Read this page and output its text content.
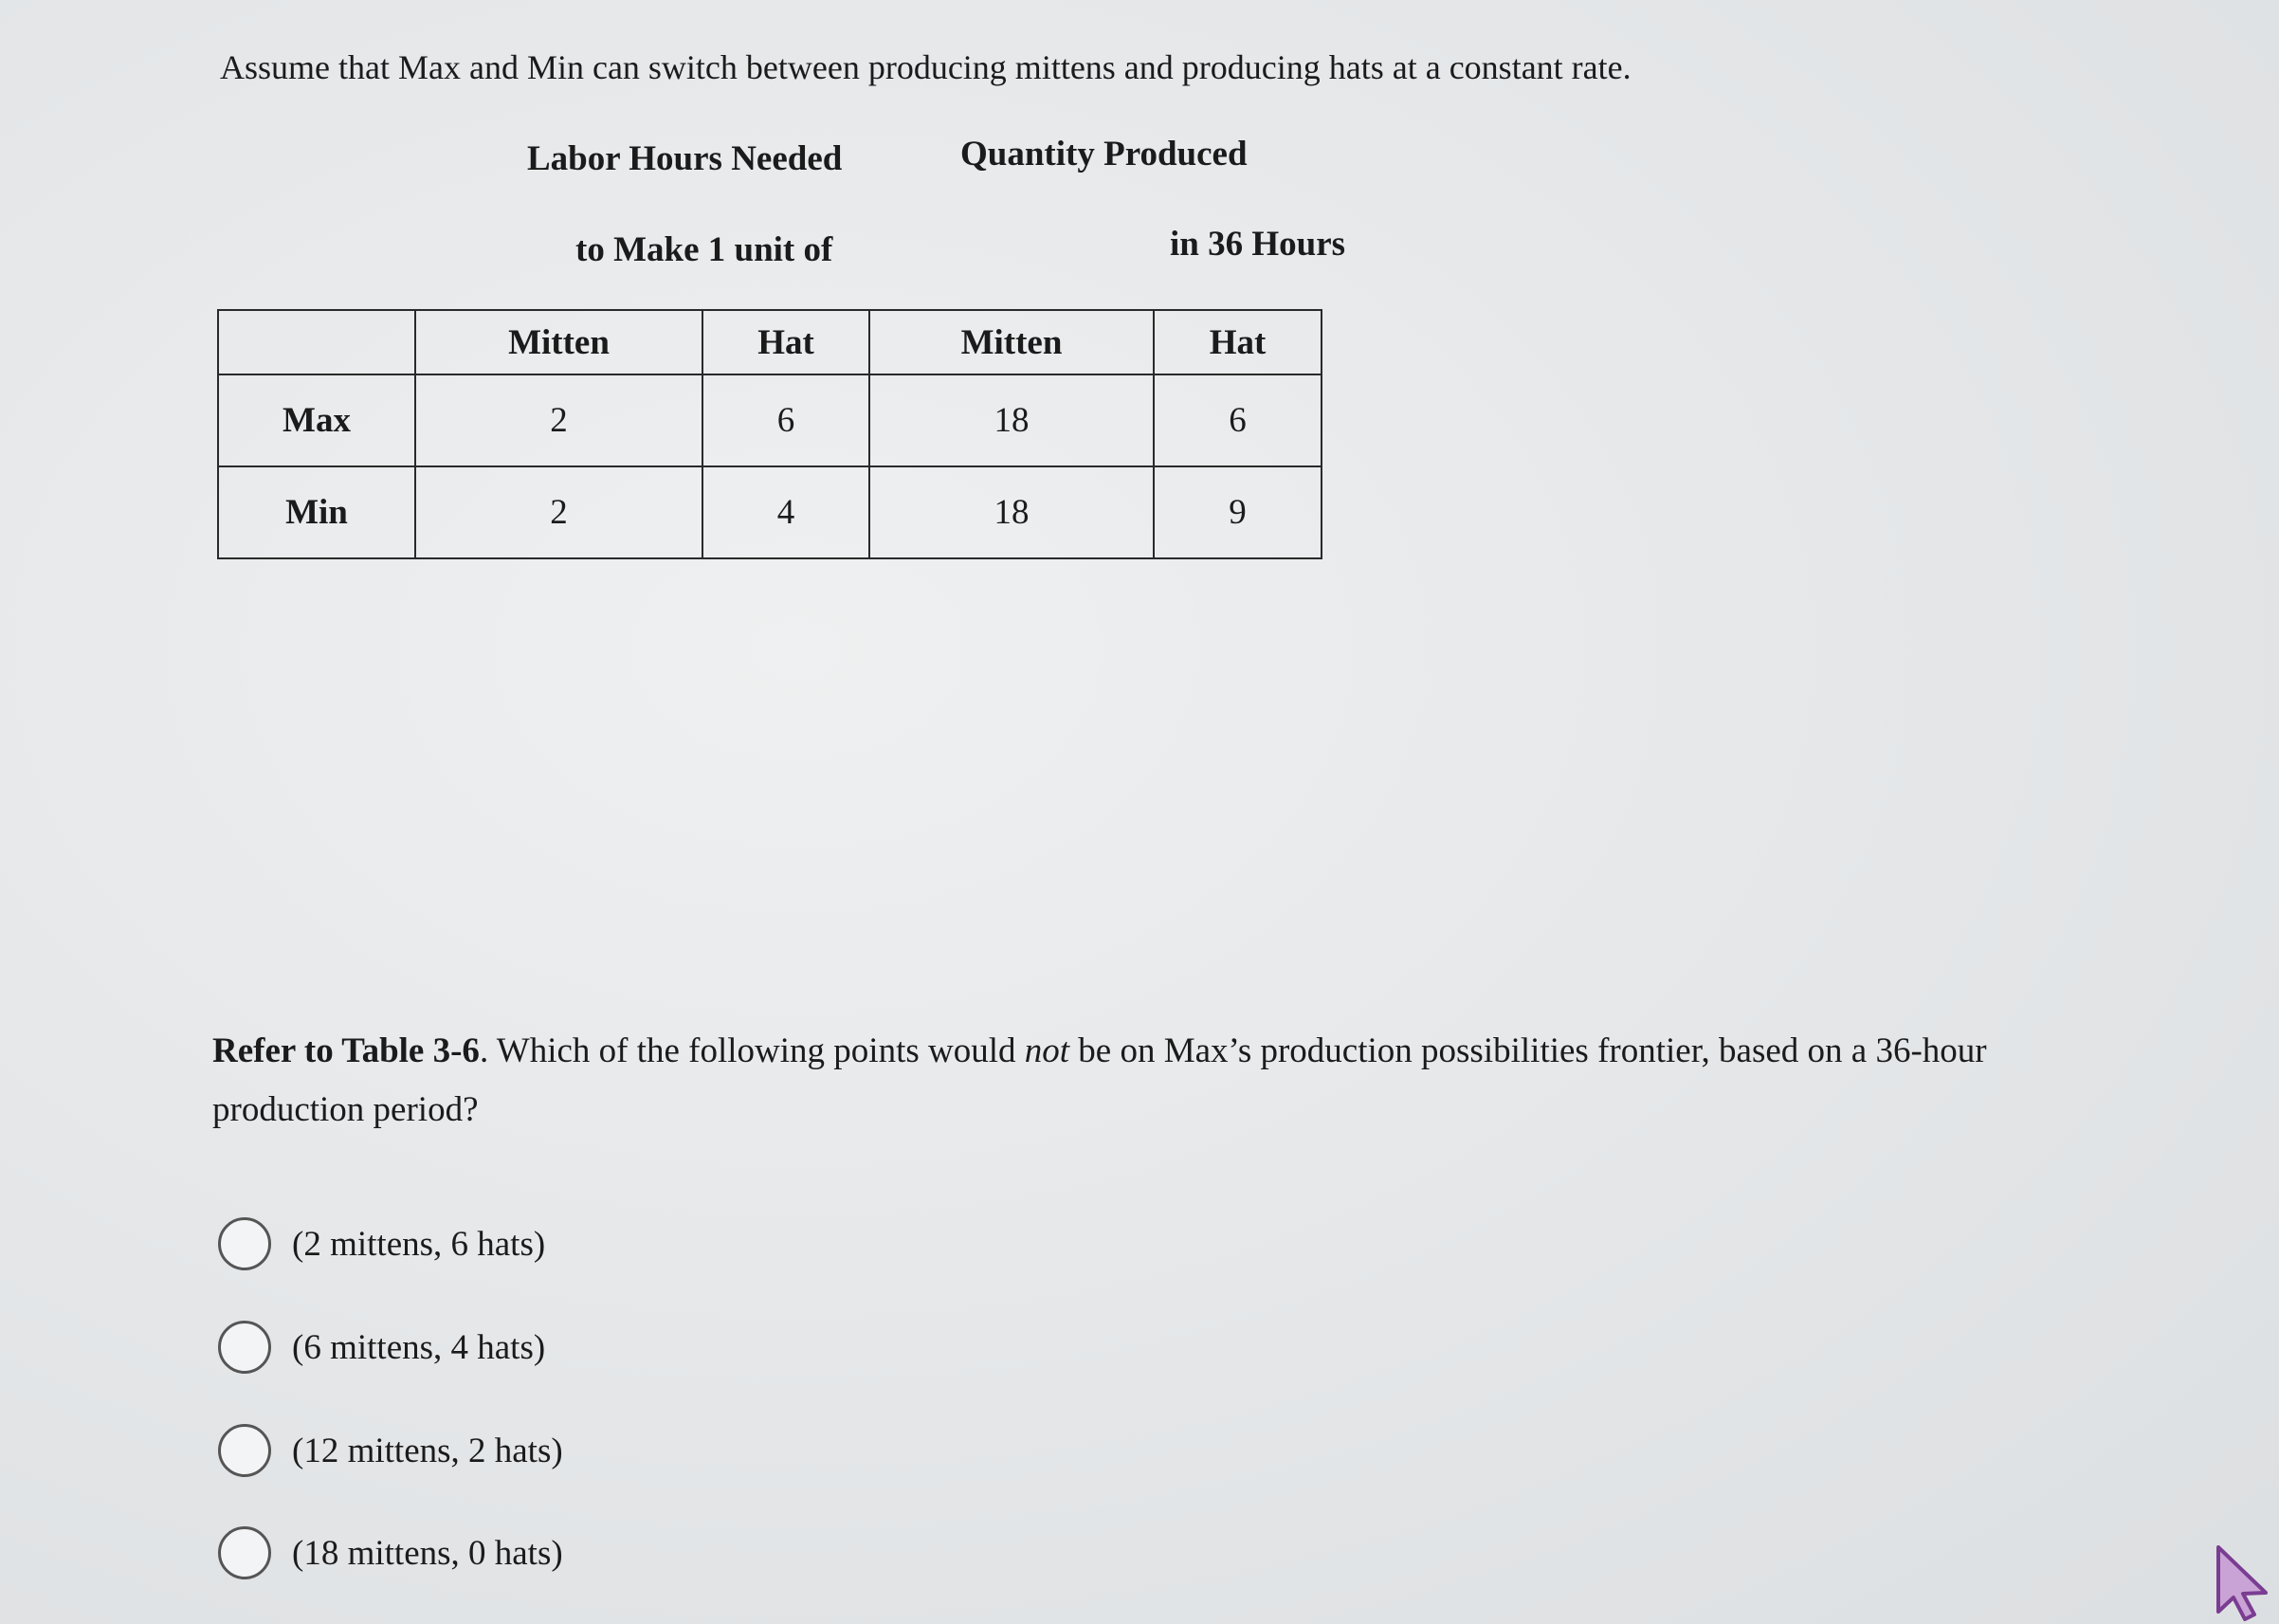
Assume that Max and Min can switch between producing mittens and producing hats at a constant rate.
Labor Hours Needed
to Make 1 unit of
Quantity Produced
in 36 Hours
	Mitten	Hat	Mitten	Hat
Max	2	6	18	6
Min	2	4	18	9
Refer to Table 3-6. Which of the following points would not be on Max’s production possibilities frontier, based on a 36-hour production period?
(2 mittens, 6 hats)
(6 mittens, 4 hats)
(12 mittens, 2 hats)
(18 mittens, 0 hats)
